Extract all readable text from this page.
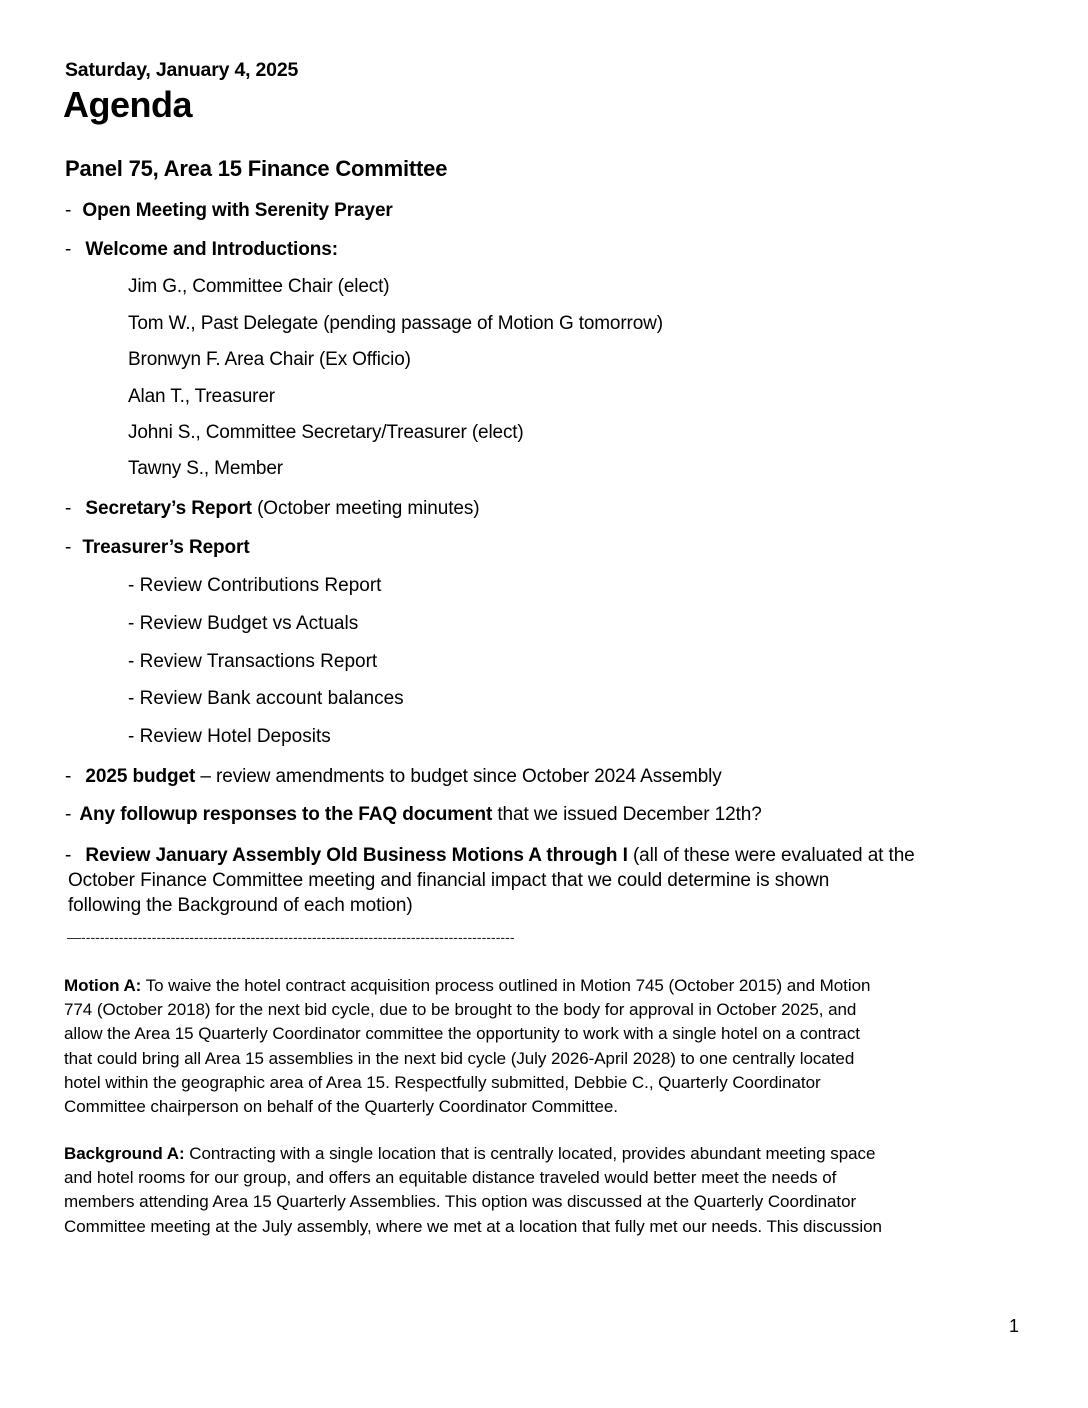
Saturday, January 4, 2025
Agenda
Panel 75, Area 15 Finance Committee
- Open Meeting with Serenity Prayer
- Welcome and Introductions:
Jim G., Committee Chair (elect)
Tom W., Past Delegate (pending passage of Motion G tomorrow)
Bronwyn F. Area Chair (Ex Officio)
Alan T., Treasurer
Johni S., Committee Secretary/Treasurer (elect)
Tawny S., Member
- Secretary’s Report (October meeting minutes)
- Treasurer’s Report
- Review Contributions Report
- Review Budget vs Actuals
- Review Transactions Report
- Review Bank account balances
- Review Hotel Deposits
- 2025 budget – review amendments to budget since October 2024 Assembly
- Any followup responses to the FAQ document that we issued December 12th?
- Review January Assembly Old Business Motions A through I (all of these were evaluated at the
October Finance Committee meeting and financial impact that we could determine is shown
following the Background of each motion)
—--------------------------------------------------------------------------------------------
Motion A: To waive the hotel contract acquisition process outlined in Motion 745 (October 2015) and Motion
774 (October 2018) for the next bid cycle, due to be brought to the body for approval in October 2025, and
allow the Area 15 Quarterly Coordinator committee the opportunity to work with a single hotel on a contract
that could bring all Area 15 assemblies in the next bid cycle (July 2026-April 2028) to one centrally located
hotel within the geographic area of Area 15. Respectfully submitted, Debbie C., Quarterly Coordinator
Committee chairperson on behalf of the Quarterly Coordinator Committee.
Background A: Contracting with a single location that is centrally located, provides abundant meeting space
and hotel rooms for our group, and offers an equitable distance traveled would better meet the needs of
members attending Area 15 Quarterly Assemblies. This option was discussed at the Quarterly Coordinator
Committee meeting at the July assembly, where we met at a location that fully met our needs. This discussion
1
